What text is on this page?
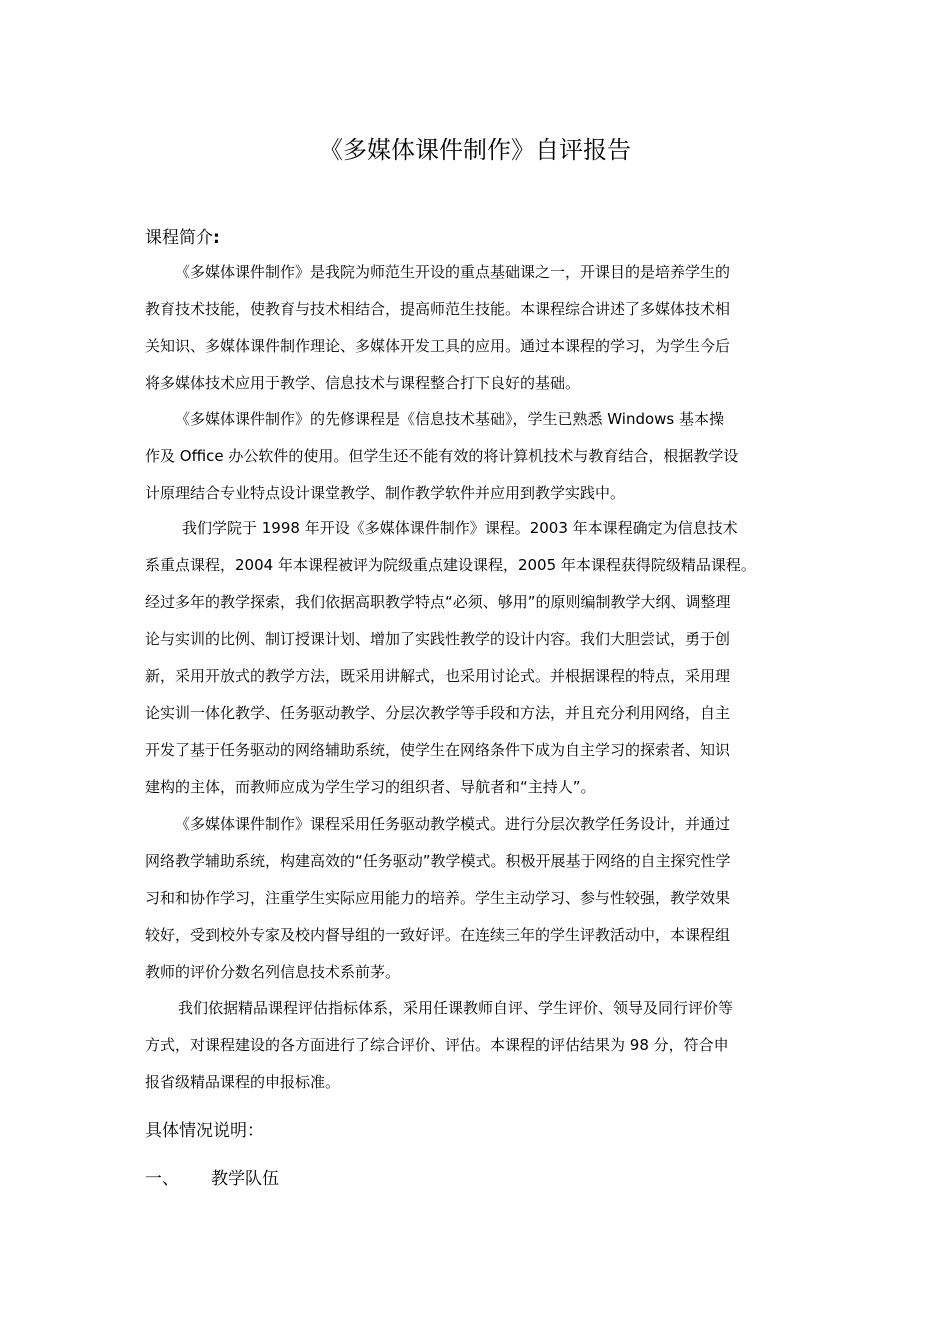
《多媒体课件制作》自评报告
课程简介:

《多媒体课件制作》是我院为师范生开设的重点基础课之一，开课目的是培养学生的

教育技术技能，使教育与技术相结合，提高师范生技能。本课程综合讲述了多媒体技术相

关知识、多媒体课件制作理论、多媒体开发工具的应用。通过本课程的学习，为学生今后

将多媒体技术应用于教学、信息技术与课程整合打下良好的基础。

《多媒体课件制作》的先修课程是《信息技术基础》，学生已熟悉 Windows 基本操

作及 Office 办公软件的使用。但学生还不能有效的将计算机技术与教育结合，根据教学设

计原理结合专业特点设计课堂教学、制作教学软件并应用到教学实践中。

我们学院于 1998 年开设《多媒体课件制作》课程。2003 年本课程确定为信息技术

系重点课程，2004 年本课程被评为院级重点建设课程，2005 年本课程获得院级精品课程。

经过多年的教学探索，我们依据高职教学特点“必须、够用”的原则编制教学大纲、调整理

论与实训的比例、制订授课计划、增加了实践性教学的设计内容。我们大胆尝试，勇于创

新，采用开放式的教学方法，既采用讲解式，也采用讨论式。并根据课程的特点，采用理

论实训一体化教学、任务驱动教学、分层次教学等手段和方法，并且充分利用网络，自主

开发了基于任务驱动的网络辅助系统，使学生在网络条件下成为自主学习的探索者、知识

建构的主体，而教师应成为学生学习的组织者、导航者和“主持人”。

《多媒体课件制作》课程采用任务驱动教学模式。进行分层次教学任务设计，并通过

网络教学辅助系统，构建高效的“任务驱动”教学模式。积极开展基于网络的自主探究性学

习和和协作学习，注重学生实际应用能力的培养。学生主动学习、参与性较强，教学效果

较好，受到校外专家及校内督导组的一致好评。在连续三年的学生评教活动中，本课程组

教师的评价分数名列信息技术系前茅。

我们依据精品课程评估指标体系，采用任课教师自评、学生评价、领导及同行评价等

方式，对课程建设的各方面进行了综合评价、评估。本课程的评估结果为 98 分，符合申

报省级精品课程的申报标准。

具体情况说明：
一、 教学队伍
